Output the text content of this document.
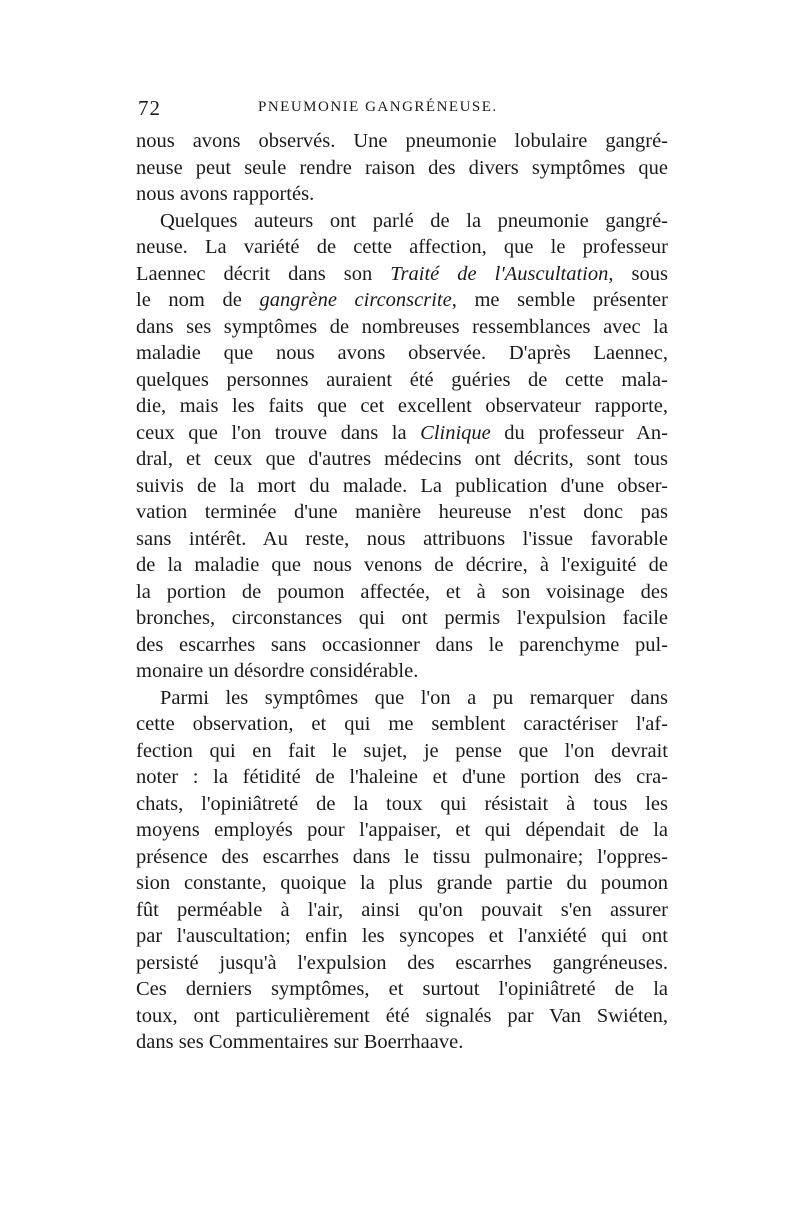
72	PNEUMONIE GANGRÉNEUSE.
nous avons observés. Une pneumonie lobulaire gangré-
neuse peut seule rendre raison des divers symptômes que
nous avons rapportés.
Quelques auteurs ont parlé de la pneumonie gangré-
neuse. La variété de cette affection, que le professeur
Laennec décrit dans son Traité de l'Auscultation, sous
le nom de gangrène circonscrite, me semble présenter
dans ses symptômes de nombreuses ressemblances avec la
maladie que nous avons observée. D'après Laennec,
quelques personnes auraient été guéries de cette mala-
die, mais les faits que cet excellent observateur rapporte,
ceux que l'on trouve dans la Clinique du professeur An-
dral, et ceux que d'autres médecins ont décrits, sont tous
suivis de la mort du malade. La publication d'une obser-
vation terminée d'une manière heureuse n'est donc pas
sans intérêt. Au reste, nous attribuons l'issue favorable
de la maladie que nous venons de décrire, à l'exiguité de
la portion de poumon affectée, et à son voisinage des
bronches, circonstances qui ont permis l'expulsion facile
des escarrhes sans occasionner dans le parenchyme pul-
monaire un désordre considérable.
Parmi les symptômes que l'on a pu remarquer dans
cette observation, et qui me semblent caractériser l'af-
fection qui en fait le sujet, je pense que l'on devrait
noter : la fétidité de l'haleine et d'une portion des cra-
chats, l'opiniâtreté de la toux qui résistait à tous les
moyens employés pour l'appaiser, et qui dépendait de la
présence des escarrhes dans le tissu pulmonaire; l'oppres-
sion constante, quoique la plus grande partie du poumon
fût perméable à l'air, ainsi qu'on pouvait s'en assurer
par l'auscultation; enfin les syncopes et l'anxiété qui ont
persisté jusqu'à l'expulsion des escarrhes gangréneuses.
Ces derniers symptômes, et surtout l'opiniâtreté de la
toux, ont particulièrement été signalés par Van Swiéten,
dans ses Commentaires sur Boerrhaave.
